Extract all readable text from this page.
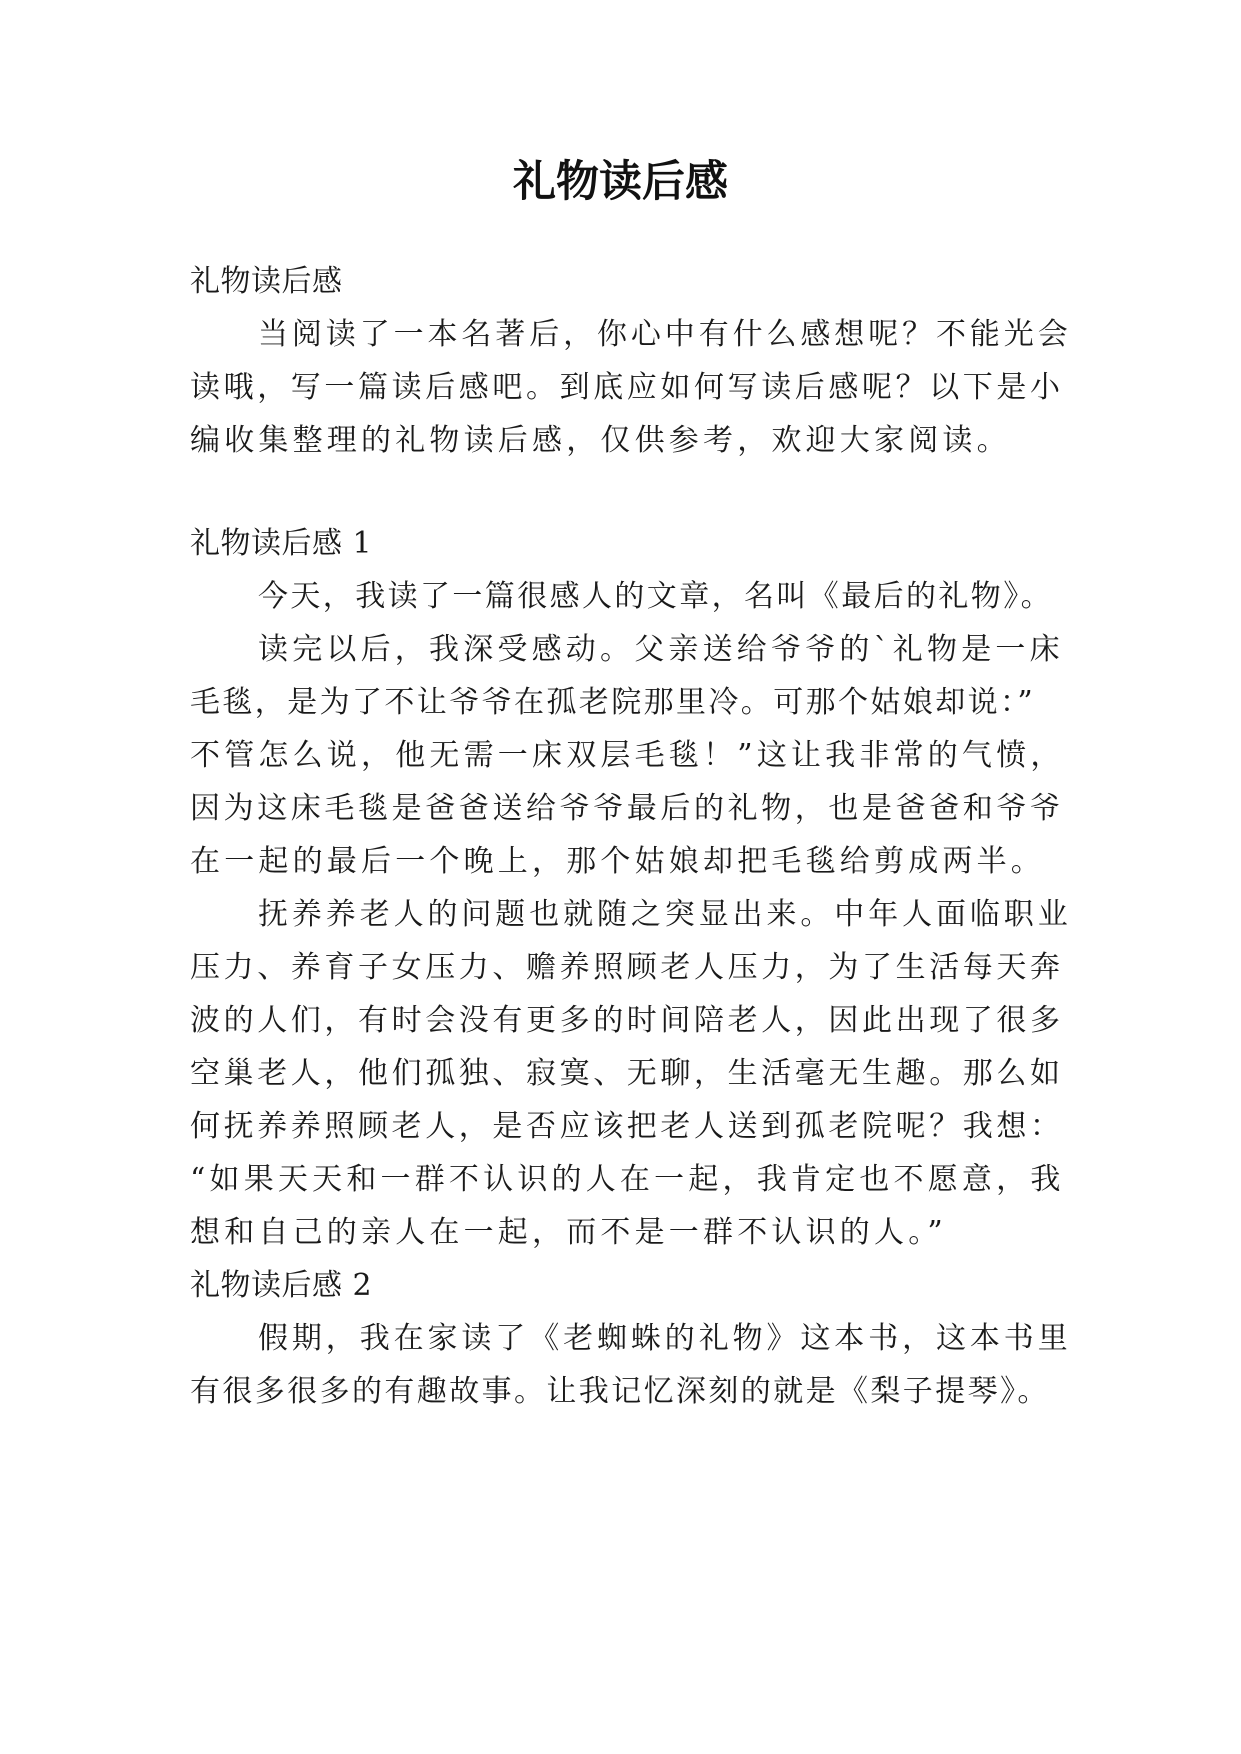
礼物读后感

礼物读后感

当阅读了一本名著后，你心中有什么感想呢？不能光会

读哦，写一篇读后感吧。到底应如何写读后感呢？以下是小

编收集整理的礼物读后感，仅供参考，欢迎大家阅读。

礼物读后感 1

今天，我读了一篇很感人的文章，名叫《最后的礼物》。

读完以后，我深受感动。父亲送给爷爷的`礼物是一床

毛毯，是为了不让爷爷在孤老院那里冷。可那个姑娘却说：”

不管怎么说，他无需一床双层毛毯！”这让我非常的气愤，

因为这床毛毯是爸爸送给爷爷最后的礼物，也是爸爸和爷爷

在一起的最后一个晚上，那个姑娘却把毛毯给剪成两半。

抚养养老人的问题也就随之突显出来。中年人面临职业

压力、养育子女压力、赡养照顾老人压力，为了生活每天奔

波的人们，有时会没有更多的时间陪老人，因此出现了很多

空巢老人，他们孤独、寂寞、无聊，生活毫无生趣。那么如

何抚养养照顾老人，是否应该把老人送到孤老院呢？我想：

“如果天天和一群不认识的人在一起，我肯定也不愿意，我

想和自己的亲人在一起，而不是一群不认识的人。”

礼物读后感 2

假期，我在家读了《老蜘蛛的礼物》这本书，这本书里

有很多很多的有趣故事。让我记忆深刻的就是《梨子提琴》。
